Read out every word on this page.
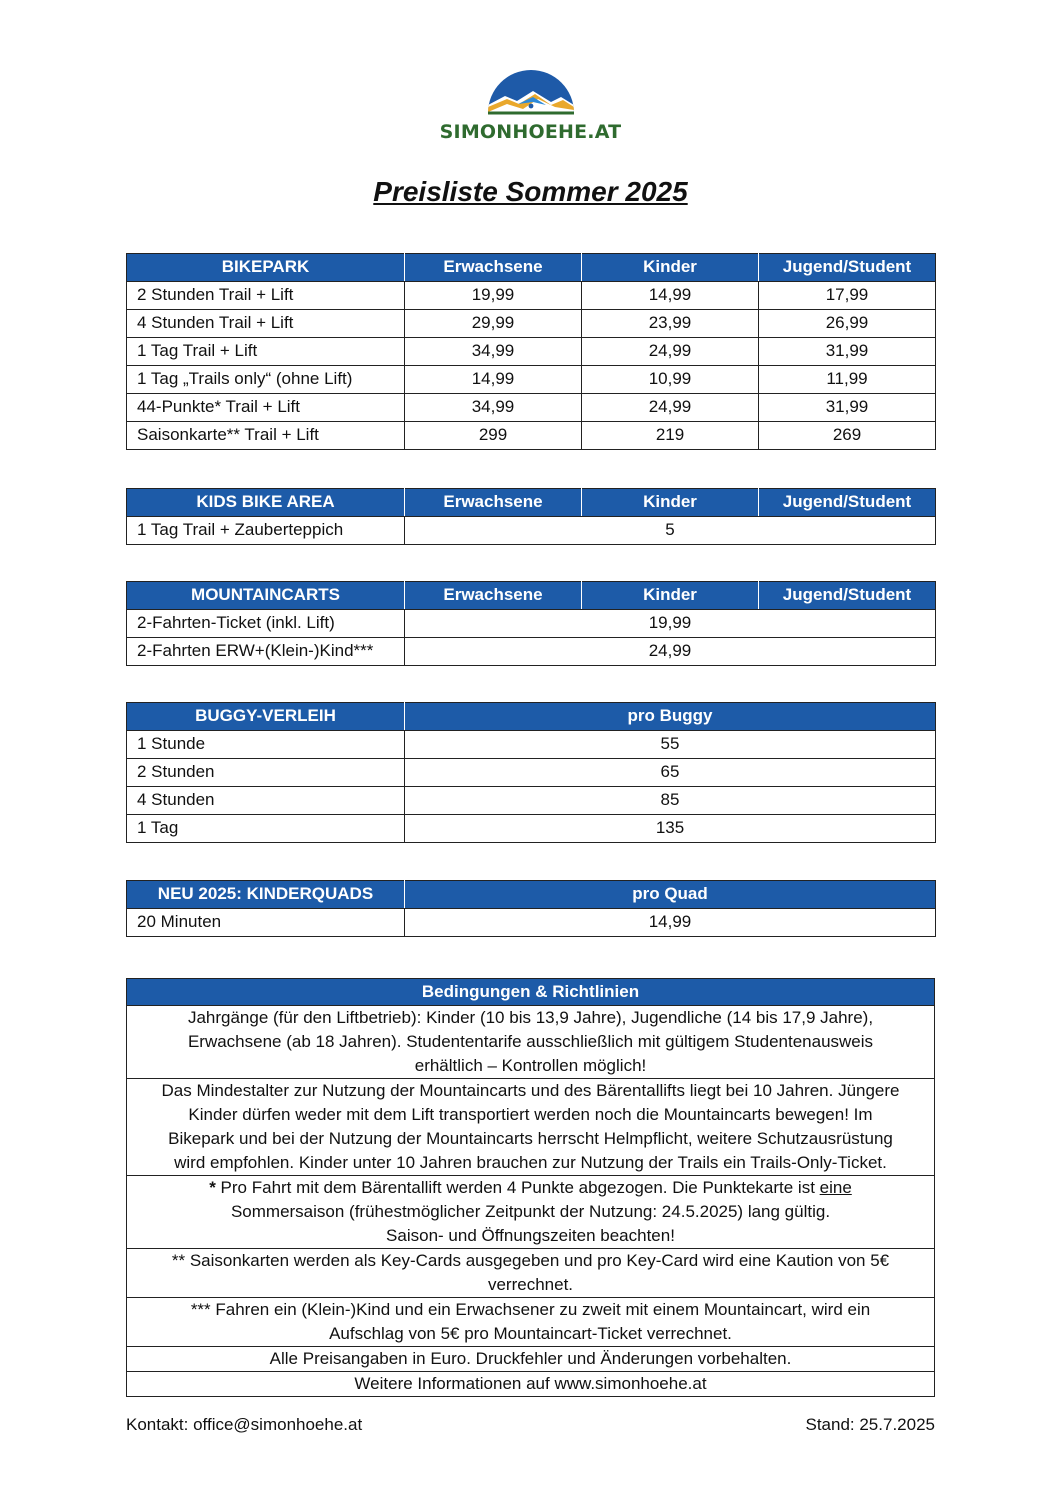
SIMONHOEHE.AT
Preisliste Sommer 2025
BIKEPARK	Erwachsene	Kinder	Jugend/Student
2 Stunden Trail + Lift	19,99	14,99	17,99
4 Stunden Trail + Lift	29,99	23,99	26,99
1 Tag Trail + Lift	34,99	24,99	31,99
1 Tag „Trails only“ (ohne Lift)	14,99	10,99	11,99
44-Punkte* Trail + Lift	34,99	24,99	31,99
Saisonkarte** Trail + Lift	299	219	269
KIDS BIKE AREA	Erwachsene	Kinder	Jugend/Student
1 Tag Trail + Zauberteppich	5		
MOUNTAINCARTS	Erwachsene	Kinder	Jugend/Student
2-Fahrten-Ticket (inkl. Lift)	19,99		
2-Fahrten ERW+(Klein-)Kind***	24,99		
BUGGY-VERLEIH	pro Buggy
1 Stunde	55
2 Stunden	65
4 Stunden	85
1 Tag	135
NEU 2025: KINDERQUADS	pro Quad
20 Minuten	14,99
Bedingungen & Richtlinien

Jahrgänge (für den Liftbetrieb): Kinder (10 bis 13,9 Jahre), Jugendliche (14 bis 17,9 Jahre),
Erwachsene (ab 18 Jahren). Studententarife ausschließlich mit gültigem Studentenausweis
erhältlich – Kontrollen möglich!

Das Mindestalter zur Nutzung der Mountaincarts und des Bärentallifts liegt bei 10 Jahren. Jüngere
Kinder dürfen weder mit dem Lift transportiert werden noch die Mountaincarts bewegen! Im
Bikepark und bei der Nutzung der Mountaincarts herrscht Helmpflicht, weitere Schutzausrüstung
wird empfohlen. Kinder unter 10 Jahren brauchen zur Nutzung der Trails ein Trails-Only-Ticket.

* Pro Fahrt mit dem Bärentallift werden 4 Punkte abgezogen. Die Punktekarte ist eine
Sommersaison (frühestmöglicher Zeitpunkt der Nutzung: 24.5.2025) lang gültig.
Saison- und Öffnungszeiten beachten!

** Saisonkarten werden als Key-Cards ausgegeben und pro Key-Card wird eine Kaution von 5€
verrechnet.

*** Fahren ein (Klein-)Kind und ein Erwachsener zu zweit mit einem Mountaincart, wird ein
Aufschlag von 5€ pro Mountaincart-Ticket verrechnet.

Alle Preisangaben in Euro. Druckfehler und Änderungen vorbehalten.
Weitere Informationen auf www.simonhoehe.at
Kontakt: office@simonhoehe.at	Stand: 25.7.2025
